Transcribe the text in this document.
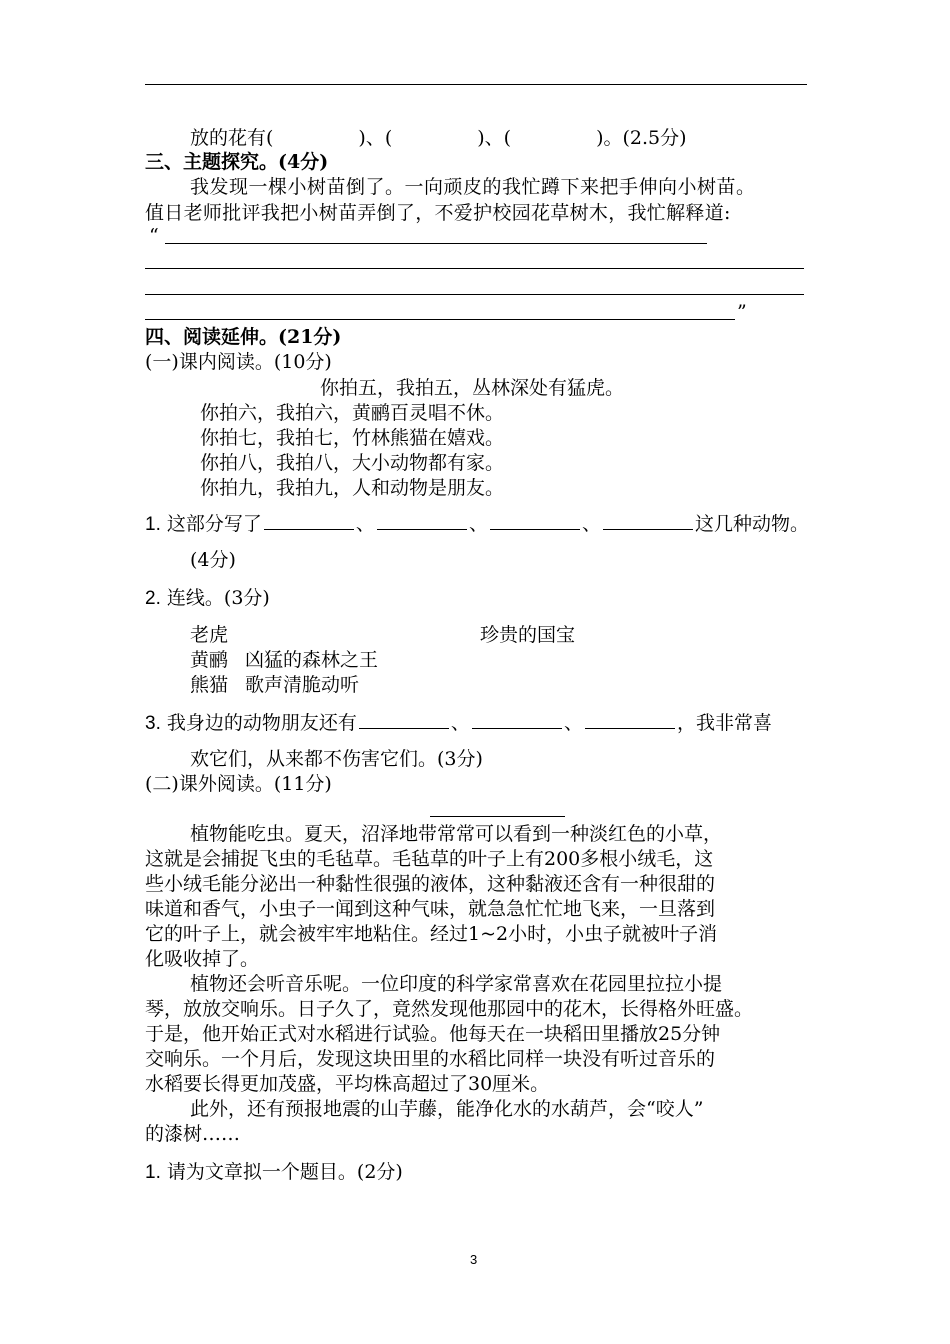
放的花有(	)、(	)、(	)。(2.5分)
三、主题探究。(4分)
我发现一棵小树苗倒了。一向顽皮的我忙蹲下来把手伸向小树苗。
值日老师批评我把小树苗弄倒了，不爱护校园花草树木，我忙解释道:
“
”
四、阅读延伸。(21分)
(一)课内阅读。(10分)
你拍五，我拍五，丛林深处有猛虎。
你拍六，我拍六，黄鹂百灵唱不休。
你拍七，我拍七，竹林熊猫在嬉戏。
你拍八，我拍八，大小动物都有家。
你拍九，我拍九，人和动物是朋友。
1. 这部分写了	、	、	、	这几种动物。
(4分)
2. 连线。(3分)
老虎	珍贵的国宝
黄鹂 凶猛的森林之王
熊猫 歌声清脆动听
3. 我身边的动物朋友还有	、	、	，我非常喜
欢它们，从来都不伤害它们。(3分)
(二)课外阅读。(11分)
植物能吃虫。夏天，沼泽地带常常可以看到一种淡红色的小草，
这就是会捕捉飞虫的毛毡草。毛毡草的叶子上有200多根小绒毛，这
些小绒毛能分泌出一种黏性很强的液体，这种黏液还含有一种很甜的
味道和香气，小虫子一闻到这种气味，就急急忙忙地飞来，一旦落到
它的叶子上，就会被牢牢地粘住。经过1~2小时，小虫子就被叶子消
化吸收掉了。
植物还会听音乐呢。一位印度的科学家常喜欢在花园里拉拉小提
琴，放放交响乐。日子久了，竟然发现他那园中的花木，长得格外旺盛。
于是，他开始正式对水稻进行试验。他每天在一块稻田里播放25分钟
交响乐。一个月后，发现这块田里的水稻比同样一块没有听过音乐的
水稻要长得更加茂盛，平均株高超过了30厘米。
此外，还有预报地震的山芋藤，能净化水的水葫芦，会“咬人”
的漆树……
1. 请为文章拟一个题目。(2分)
3
